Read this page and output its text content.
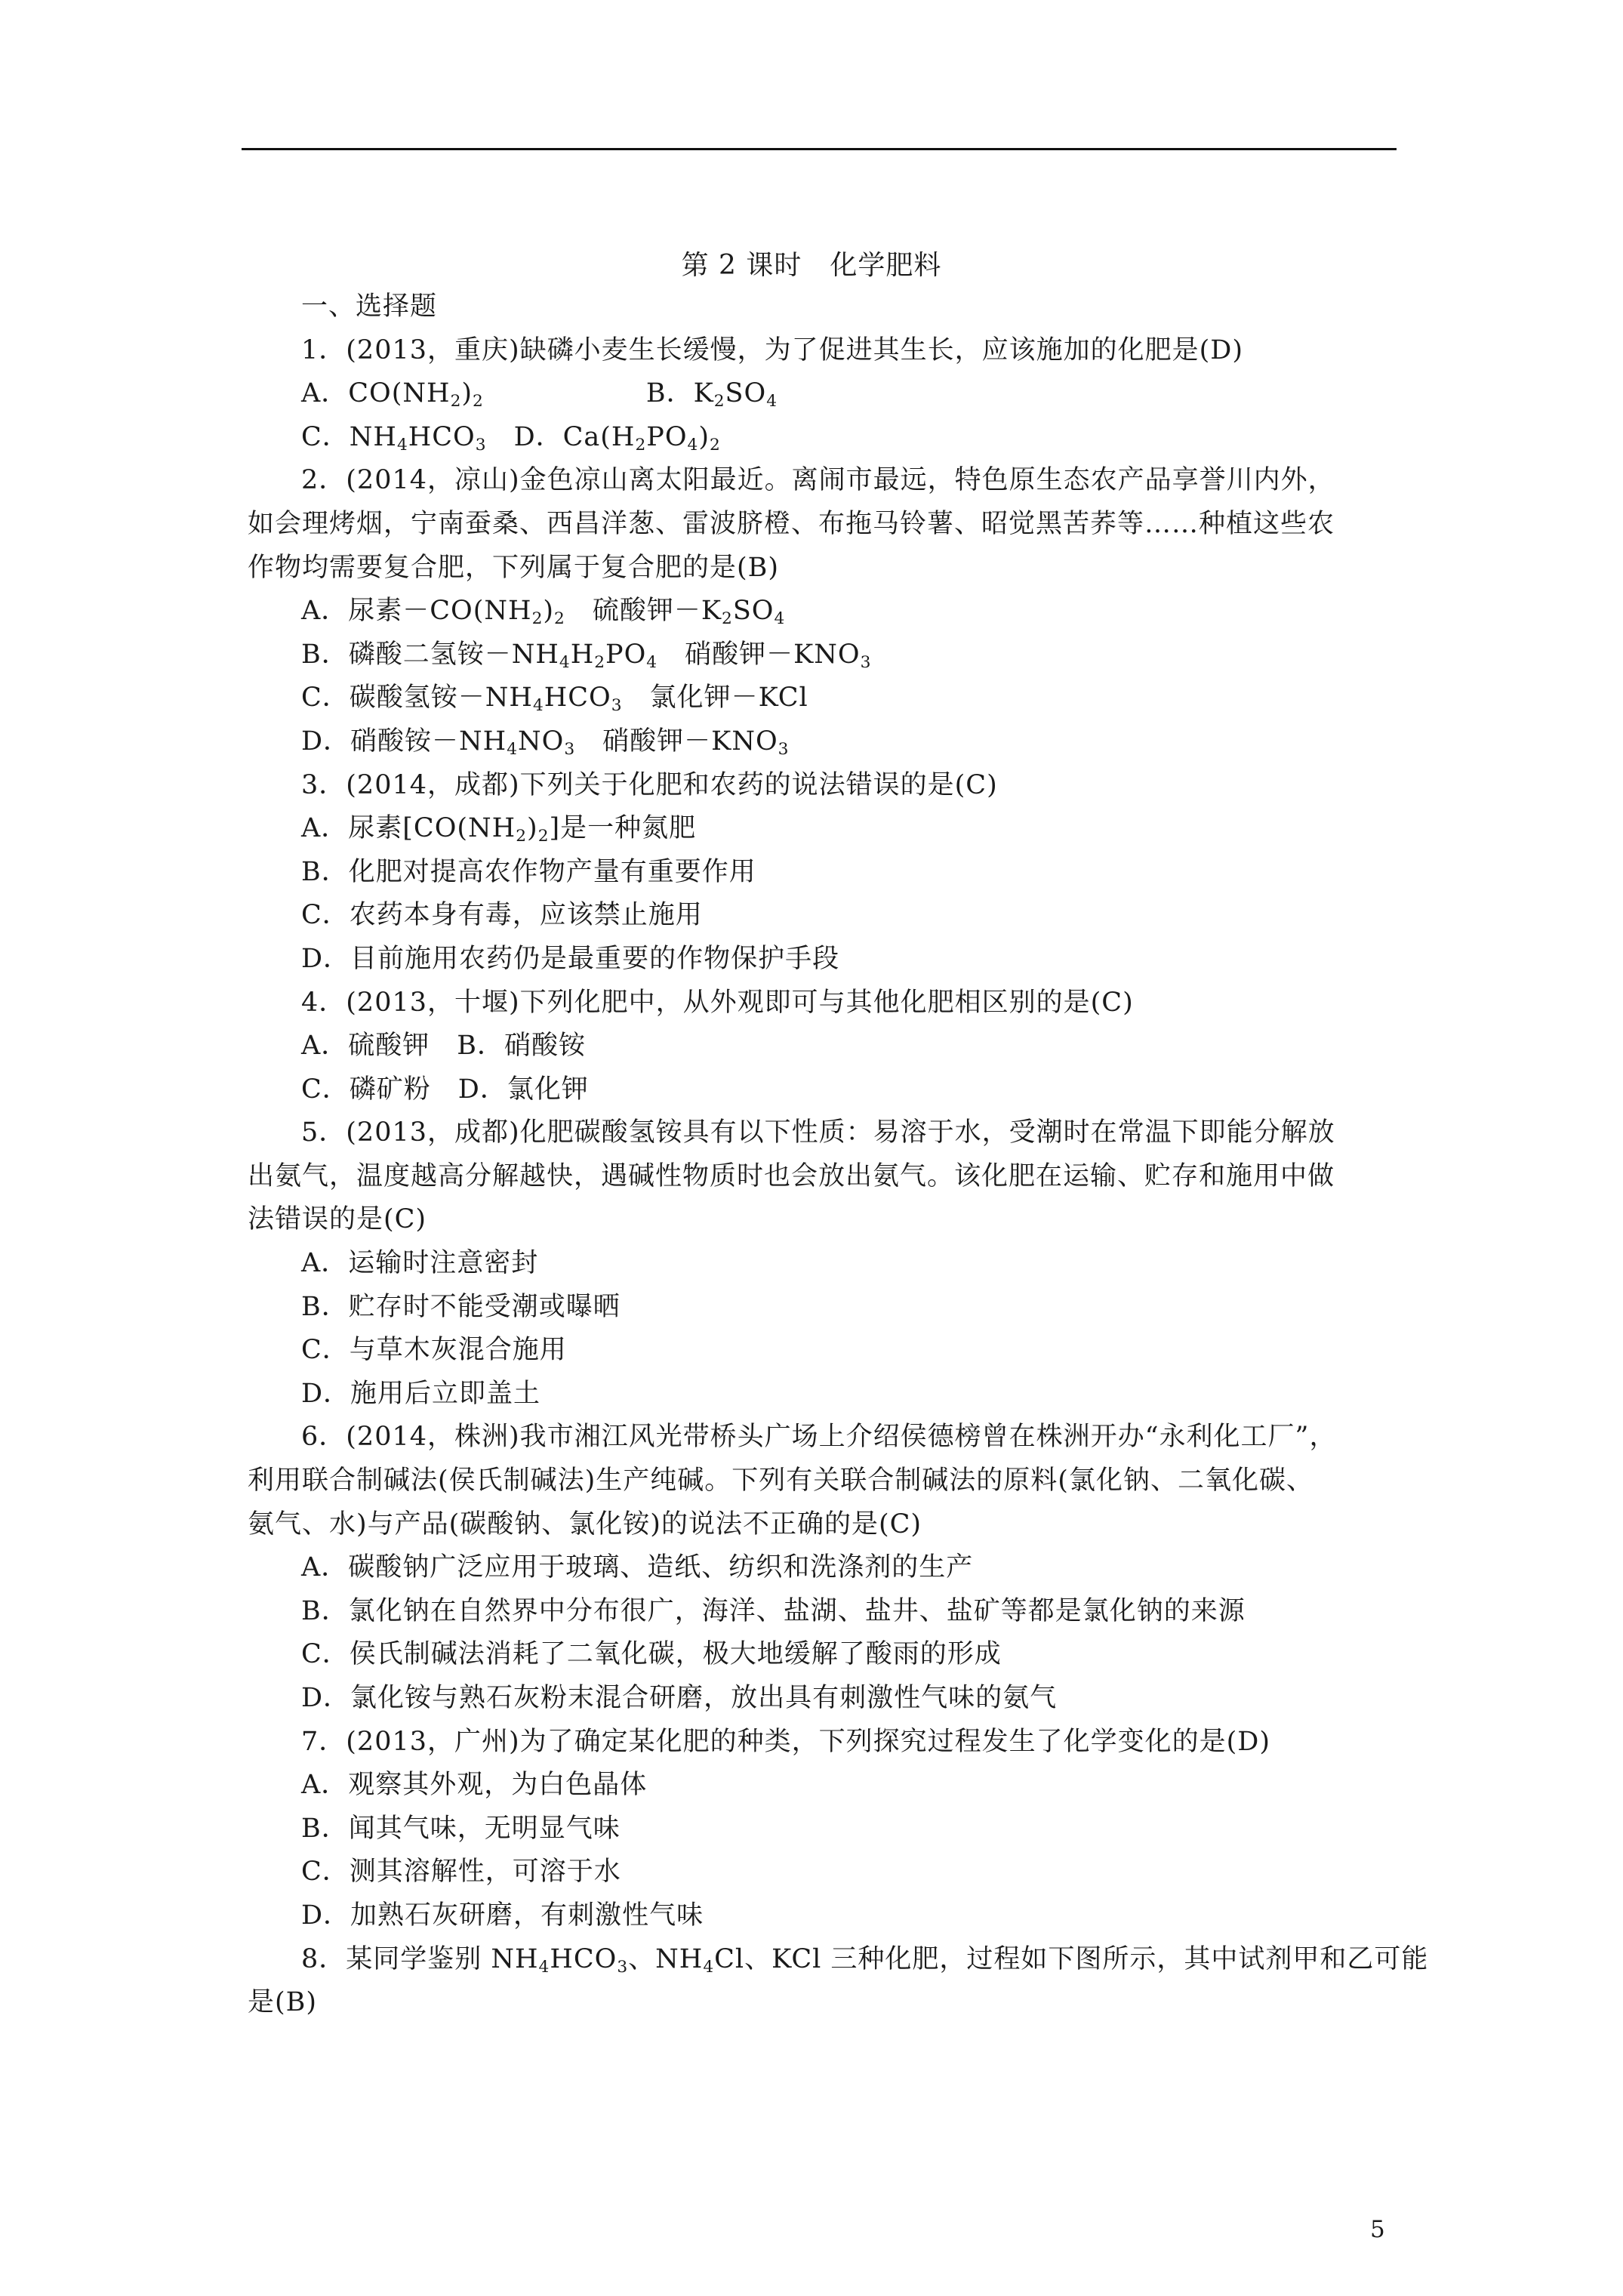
第 2 课时　化学肥料
一、选择题
1．(2013，重庆)缺磷小麦生长缓慢，为了促进其生长，应该施加的化肥是(D)
A．$CO(NH_2)_2$	B．$K_2SO_4$
C．$NH_4HCO_3$ D．$Ca(H_2PO_4)_2$
2．(2014，凉山)金色凉山离太阳最近。离闹市最远，特色原生态农产品享誉川内外，
如会理烤烟，宁南蚕桑、西昌洋葱、雷波脐橙、布拖马铃薯、昭觉黑苦荞等……种植这些农
作物均需要复合肥，下列属于复合肥的是(B)
A．尿素$-CO(NH_2)_2$　硫酸钾$-K_2SO_4$
B．磷酸二氢铵$-NH_4H_2PO_4$　硝酸钾$-KNO_3$
C．碳酸氢铵$-NH_4HCO_3$　氯化钾－KCl
D．硝酸铵$-NH_4NO_3$　硝酸钾$-KNO_3$
3．(2014，成都)下列关于化肥和农药的说法错误的是(C)
A．尿素$[CO(NH_2)_2]$是一种氮肥
B．化肥对提高农作物产量有重要作用
C．农药本身有毒，应该禁止施用
D．目前施用农药仍是最重要的作物保护手段
4．(2013，十堰)下列化肥中，从外观即可与其他化肥相区别的是(C)
A．硫酸钾　B．硝酸铵
C．磷矿粉　D．氯化钾
5．(2013，成都)化肥碳酸氢铵具有以下性质：易溶于水，受潮时在常温下即能分解放
出氨气，温度越高分解越快，遇碱性物质时也会放出氨气。该化肥在运输、贮存和施用中做
法错误的是(C)
A．运输时注意密封
B．贮存时不能受潮或曝晒
C．与草木灰混合施用
D．施用后立即盖土
6．(2014，株洲)我市湘江风光带桥头广场上介绍侯德榜曾在株洲开办“永利化工厂”，
利用联合制碱法(侯氏制碱法)生产纯碱。下列有关联合制碱法的原料(氯化钠、二氧化碳、
氨气、水)与产品(碳酸钠、氯化铵)的说法不正确的是(C)
A．碳酸钠广泛应用于玻璃、造纸、纺织和洗涤剂的生产
B．氯化钠在自然界中分布很广，海洋、盐湖、盐井、盐矿等都是氯化钠的来源
C．侯氏制碱法消耗了二氧化碳，极大地缓解了酸雨的形成
D．氯化铵与熟石灰粉末混合研磨，放出具有刺激性气味的氨气
7．(2013，广州)为了确定某化肥的种类，下列探究过程发生了化学变化的是(D)
A．观察其外观，为白色晶体
B．闻其气味，无明显气味
C．测其溶解性，可溶于水
D．加熟石灰研磨，有刺激性气味
8．某同学鉴别 $NH_4HCO_3$、$NH_4Cl$、KCl 三种化肥，过程如下图所示，其中试剂甲和乙可能
是(B)
5
